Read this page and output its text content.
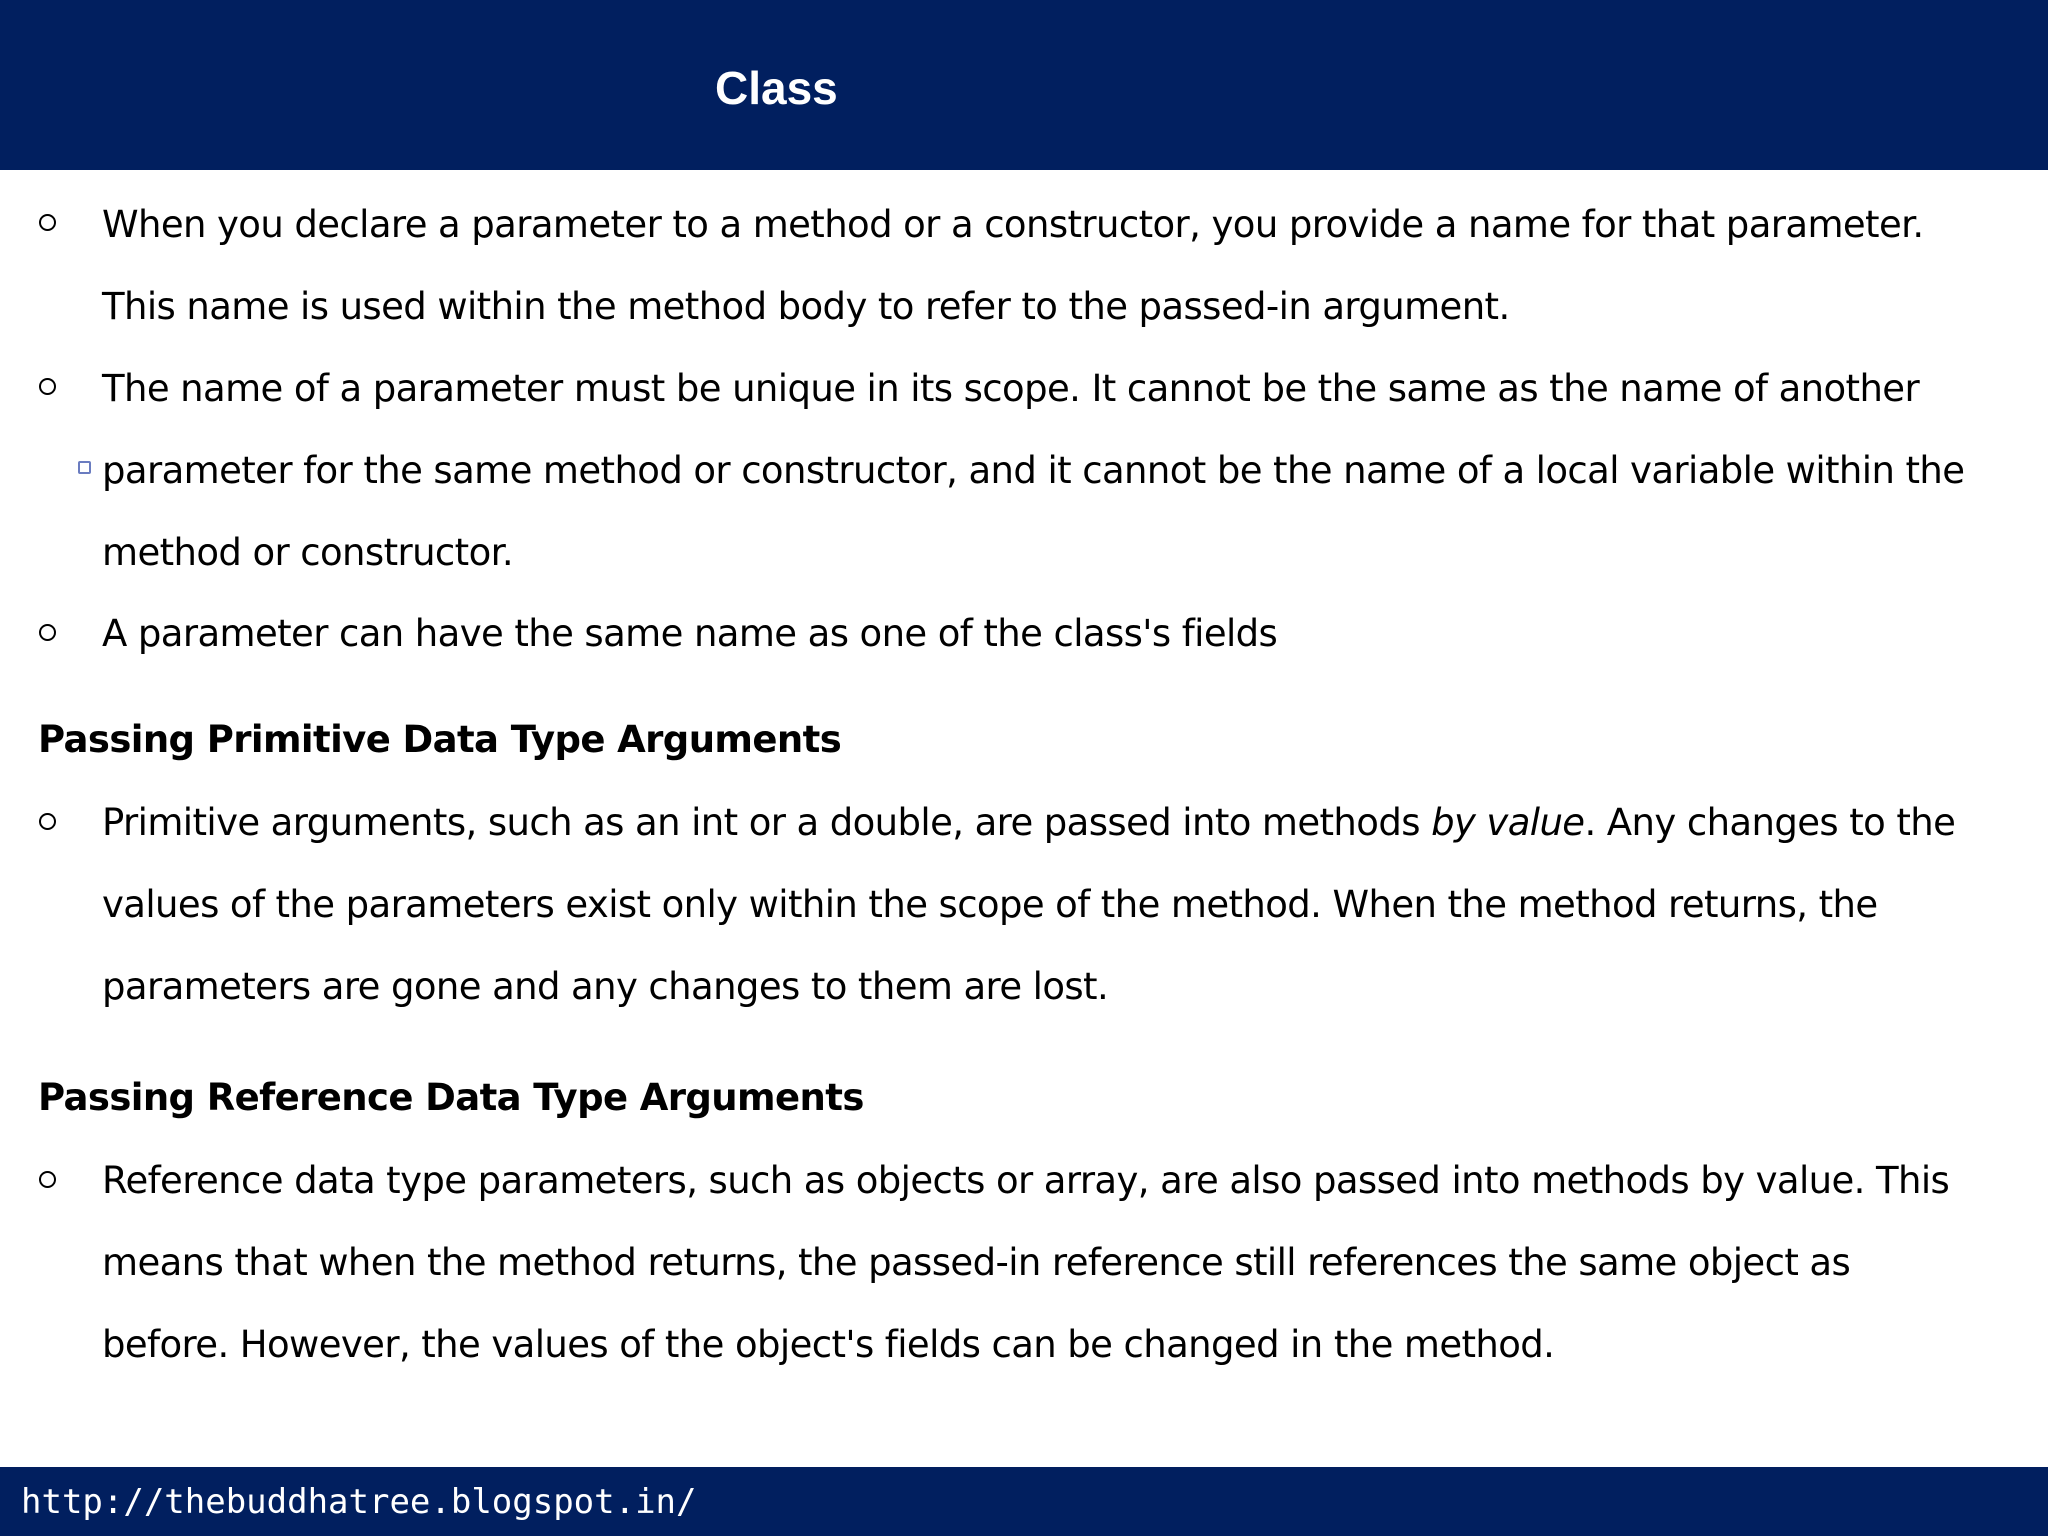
Class
When you declare a parameter to a method or a constructor, you provide a name for that parameter.
This name is used within the method body to refer to the passed-in argument.
The name of a parameter must be unique in its scope. It cannot be the same as the name of another
parameter for the same method or constructor, and it cannot be the name of a local variable within the
method or constructor.
A parameter can have the same name as one of the class's fields
Passing Primitive Data Type Arguments
Primitive arguments, such as an int or a double, are passed into methods by value. Any changes to the
values of the parameters exist only within the scope of the method. When the method returns, the
parameters are gone and any changes to them are lost.
Passing Reference Data Type Arguments
Reference data type parameters, such as objects or array, are also passed into methods by value. This
means that when the method returns, the passed-in reference still references the same object as
before. However, the values of the object's fields can be changed in the method.
http://thebuddhatree.blogspot.in/
